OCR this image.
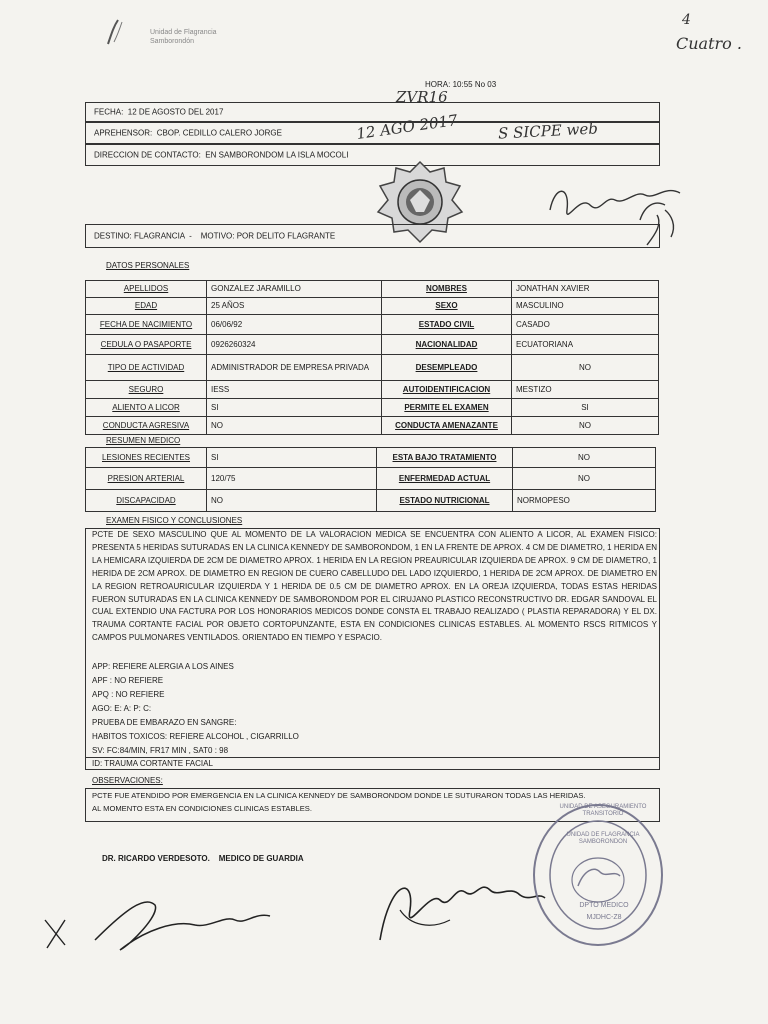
Unidad de Flagrancia
Samborondón
4
Cuatro .
HORA: 10:55 No 03
ZVR16
FECHA: 12 DE AGOSTO DEL 2017
APREHENSOR: CBOP. CEDILLO CALERO JORGE
DIRECCION DE CONTACTO: EN SAMBORONDOM LA ISLA MOCOLI
12 AGO 2017	S SICPE web
DESTINO: FLAGRANCIA  -    MOTIVO: POR DELITO FLAGRANTE
DATOS PERSONALES
APELLIDOS	GONZALEZ JARAMILLO	NOMBRES	JONATHAN XAVIER
EDAD	25 AÑOS	SEXO	MASCULINO
FECHA DE NACIMIENTO	06/06/92	ESTADO CIVIL	CASADO
CEDULA O PASAPORTE	0926260324	NACIONALIDAD	ECUATORIANA
TIPO DE ACTIVIDAD	ADMINISTRADOR DE EMPRESA PRIVADA	DESEMPLEADO	NO
SEGURO	IESS	AUTOIDENTIFICACION	MESTIZO
ALIENTO A LICOR	SI	PERMITE EL EXAMEN	SI
CONDUCTA AGRESIVA	NO	CONDUCTA AMENAZANTE	NO
RESUMEN MEDICO
LESIONES RECIENTES	SI	ESTA BAJO TRATAMIENTO	NO
PRESION ARTERIAL	120/75	ENFERMEDAD ACTUAL	NO
DISCAPACIDAD	NO	ESTADO NUTRICIONAL	NORMOPESO
EXAMEN FISICO Y CONCLUSIONES
PCTE DE SEXO MASCULINO QUE AL MOMENTO DE LA VALORACION MEDICA SE ENCUENTRA CON ALIENTO A LICOR, AL EXAMEN FISICO: PRESENTA 5 HERIDAS SUTURADAS EN LA CLINICA KENNEDY DE SAMBORONDOM, 1 EN LA FRENTE DE APROX. 4 CM DE DIAMETRO, 1 HERIDA EN LA HEMICARA IZQUIERDA DE 2CM DE DIAMETRO APROX. 1 HERIDA EN LA REGION PREAURICULAR IZQUIERDA DE APROX. 9 CM DE DIAMETRO, 1 HERIDA DE 2CM APROX. DE DIAMETRO EN REGION DE CUERO CABELLUDO DEL LADO IZQUIERDO, 1 HERIDA DE 2CM APROX. DE DIAMETRO EN LA REGION RETROAURICULAR IZQUIERDA Y 1 HERIDA DE 0.5 CM DE DIAMETRO APROX. EN LA OREJA IZQUIERDA, TODAS ESTAS HERIDAS FUERON SUTURADAS EN LA CLINICA KENNEDY DE SAMBORONDOM POR EL CIRUJANO PLASTICO RECONSTRUCTIVO DR. EDGAR SANDOVAL EL CUAL EXTENDIO UNA FACTURA POR LOS HONORARIOS MEDICOS DONDE CONSTA EL TRABAJO REALIZADO ( PLASTIA REPARADORA) Y EL DX. TRAUMA CORTANTE FACIAL POR OBJETO CORTOPUNZANTE, ESTA EN CONDICIONES CLINICAS ESTABLES. AL MOMENTO RSCS RITMICOS Y CAMPOS PULMONARES VENTILADOS. ORIENTADO EN TIEMPO Y ESPACIO.
APP: REFIERE ALERGIA A LOS AINES
APF : NO REFIERE
APQ : NO REFIERE
AGO: E: A: P: C:
PRUEBA DE EMBARAZO EN SANGRE:
HABITOS TOXICOS: REFIERE ALCOHOL , CIGARRILLO
SV: FC:84/MIN, FR17 MIN , SAT0 : 98
ID: TRAUMA CORTANTE FACIAL
OBSERVACIONES:
PCTE FUE ATENDIDO POR EMERGENCIA EN LA CLINICA KENNEDY DE SAMBORONDOM DONDE LE SUTURARON TODAS LAS HERIDAS.
AL MOMENTO ESTA EN CONDICIONES CLINICAS ESTABLES.
DR. RICARDO VERDESOTO. MEDICO DE GUARDIA
UNIDAD DE ASEGURAMIENTO TRANSITORIO
UNIDAD DE FLAGRANCIA SAMBORONDON
DPTO MEDICO
MJDHC-Z8
